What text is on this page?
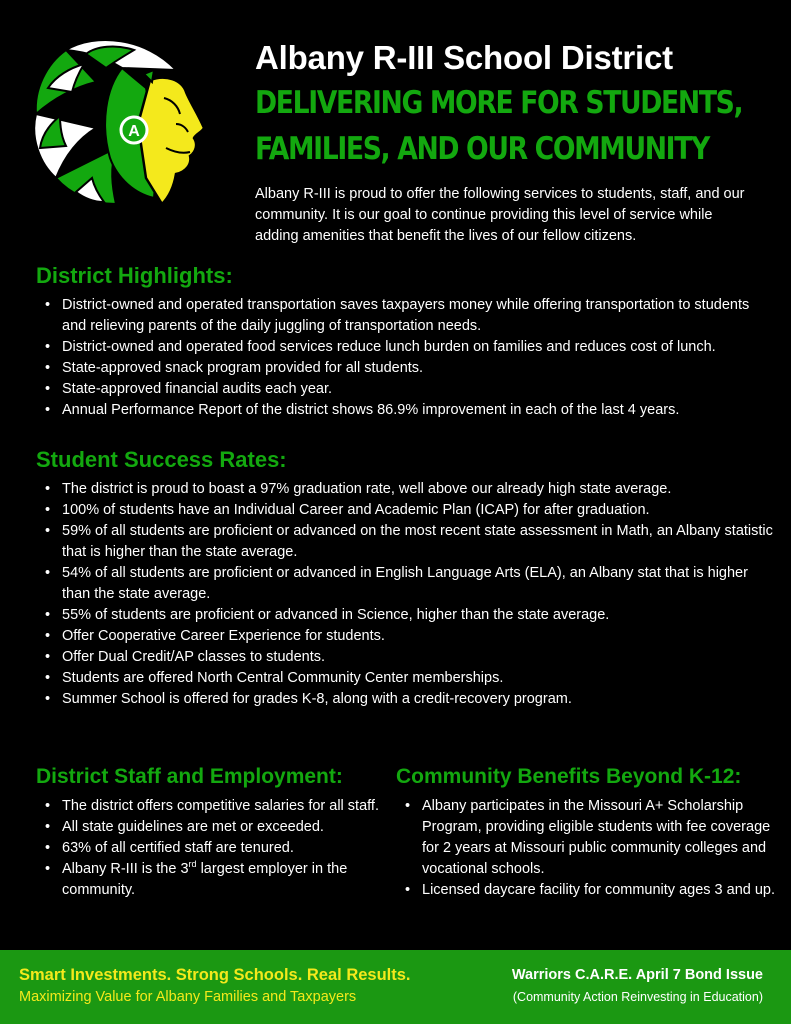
A
Albany R-III School District
DELIVERING MORE FOR STUDENTS,
FAMILIES, AND OUR COMMUNITY
Albany R-III is proud to offer the following services to students, staff, and our community. It is our goal to continue providing this level of service while adding amenities that benefit the lives of our fellow citizens.
District Highlights:
• District-owned and operated transportation saves taxpayers money while offering transportation to students and relieving parents of the daily juggling of transportation needs.
• District-owned and operated food services reduce lunch burden on families and reduces cost of lunch.
• State-approved snack program provided for all students.
• State-approved financial audits each year.
• Annual Performance Report of the district shows 86.9% improvement in each of the last 4 years.
Student Success Rates:
• The district is proud to boast a 97% graduation rate, well above our already high state average.
• 100% of students have an Individual Career and Academic Plan (ICAP) for after graduation.
• 59% of all students are proficient or advanced on the most recent state assessment in Math, an Albany statistic that is higher than the state average.
• 54% of all students are proficient or advanced in English Language Arts (ELA), an Albany stat that is higher than the state average.
• 55% of students are proficient or advanced in Science, higher than the state average.
• Offer Cooperative Career Experience for students.
• Offer Dual Credit/AP classes to students.
• Students are offered North Central Community Center memberships.
• Summer School is offered for grades K-8, along with a credit-recovery program.
District Staff and Employment:
• The district offers competitive salaries for all staff.
• All state guidelines are met or exceeded.
• 63% of all certified staff are tenured.
• Albany R-III is the 3rd largest employer in the community.
Community Benefits Beyond K-12:
• Albany participates in the Missouri A+ Scholarship Program, providing eligible students with fee coverage for 2 years at Missouri public community colleges and vocational schools.
• Licensed daycare facility for community ages 3 and up.
Smart Investments. Strong Schools. Real Results.
Maximizing Value for Albany Families and Taxpayers
Warriors C.A.R.E. April 7 Bond Issue
(Community Action Reinvesting in Education)
